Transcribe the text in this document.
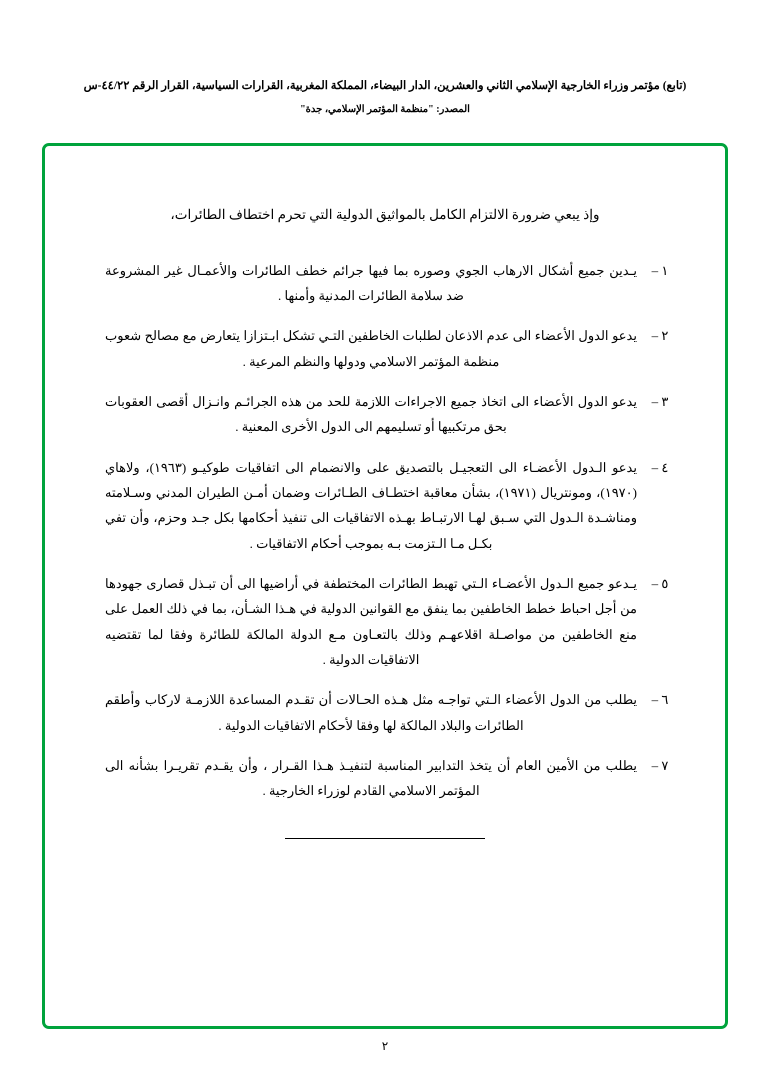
(تابع) مؤتمر وزراء الخارجية الإسلامي الثاني والعشرين، الدار البيضاء، المملكة المغربية، القرارات السياسية، القرار الرقم ٤٤/٢٢-س
المصدر: "منظمة المؤتمر الإسلامي، جدة"
وإذ يبعي ضرورة الالتزام الكامل بالمواثيق الدولية التي تحرم اختطاف الطائرات،
١ –
يـدين جميع أشكال الارهاب الجوي وصوره بما فيها جرائم خطف الطائرات والأعمـال غير المشروعة ضد سلامة الطائرات المدنية وأمنها .
٢ –
يدعو الدول الأعضاء الى عدم الاذعان لطلبات الخاطفين التـي تشكل ابـتزازا يتعارض مع مصالح شعوب منظمة المؤتمر الاسلامي ودولها والنظم المرعية .
٣ –
يدعو الدول الأعضاء الى اتخاذ جميع الاجراءات اللازمة للحد من هذه الجرائـم وانـزال أقصى العقوبات بحق مرتكبيها أو تسليمهم الى الدول الأخرى المعنية .
٤ –
يدعو الـدول الأعضـاء الى التعجيـل بالتصديق على والانضمام الى اتفاقيات طوكيـو (١٩٦٣)، ولاهاي (١٩٧٠)، ومونتريال (١٩٧١)، بشأن معاقبة اختطـاف الطـائرات وضمان أمـن الطيران المدني وسـلامته ومناشـدة الـدول التي سـبق لهـا الارتبـاط بهـذه الاتفاقيات الى تنفيذ أحكامها بكل جـد وحزم، وأن تفي بكـل مـا الـتزمت بـه بموجب أحكام الاتفاقيات .
٥ –
يـدعو جميع الـدول الأعضـاء الـتي تهبط الطائرات المختطفة في أراضيها الى أن تبـذل قصارى جهودها من أجل احباط خطط الخاطفين بما ينفق مع القوانين الدولية في هـذا الشـأن، بما في ذلك العمل على منع الخاطفين من مواصـلة اقلاعهـم وذلك بالتعـاون مـع الدولة المالكة للطائرة وفقا لما تقتضيه الاتفاقيات الدولية .
٦ –
يطلب من الدول الأعضاء الـتي تواجـه مثل هـذه الحـالات أن تقـدم المساعدة اللازمـة لاركاب وأطقم الطائرات والبلاد المالكة لها وفقا لأحكام الاتفاقيات الدولية .
٧ –
يطلب من الأمين العام أن يتخذ التدابير المناسبة لتنفيـذ هـذا القـرار ، وأن يقـدم تقريـرا بشأنه الى المؤتمر الاسلامي القادم لوزراء الخارجية .
٢
